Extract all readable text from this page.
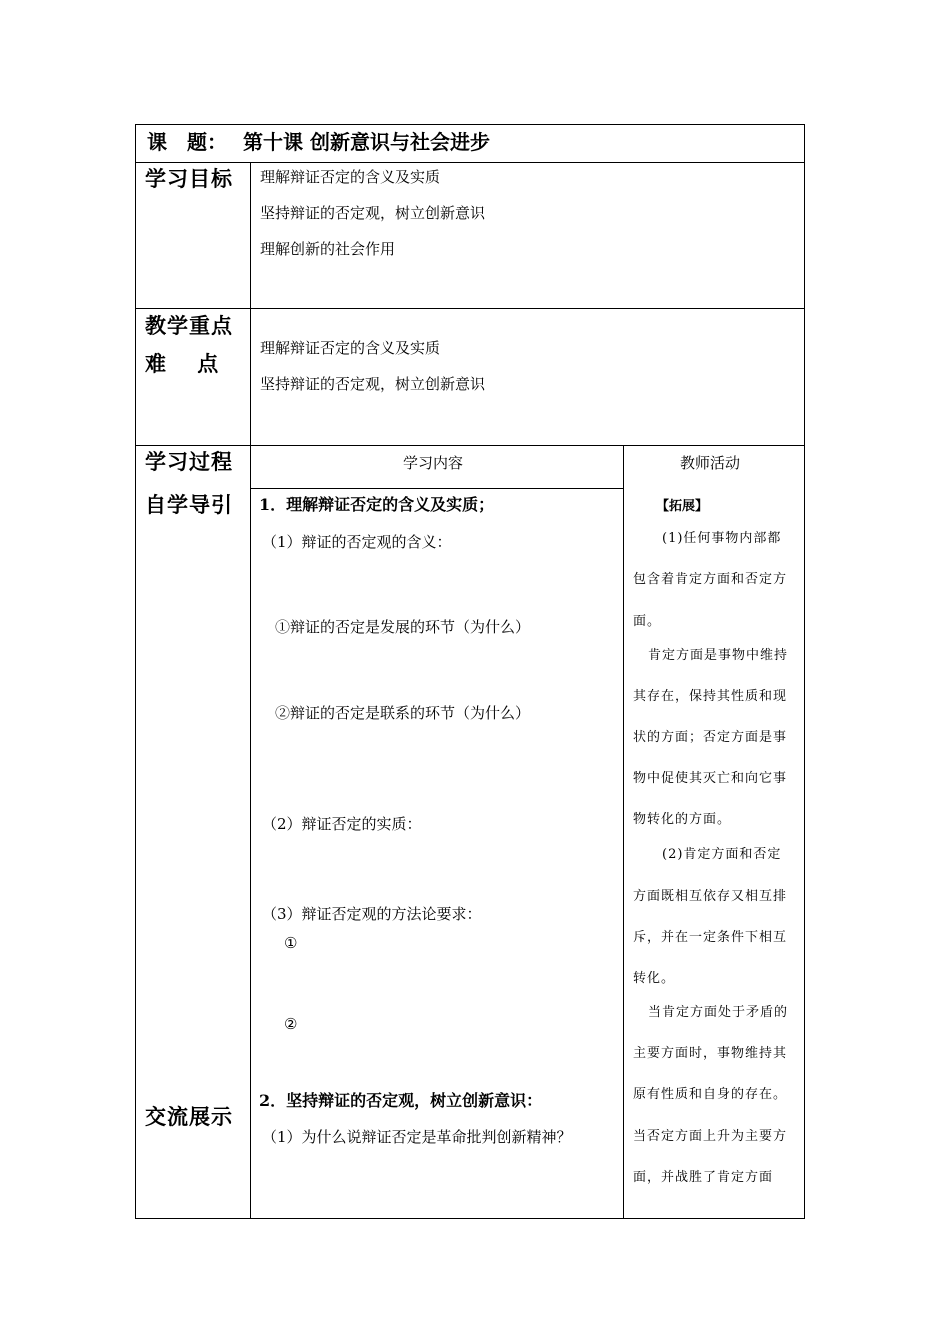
课　题： 第十课 创新意识与社会进步
学习目标 理解辩证否定的含义及实质
坚持辩证的否定观，树立创新意识
理解创新的社会作用
教学重点
难　 点
理解辩证否定的含义及实质
坚持辩证的否定观，树立创新意识
学习过程	学习内容	教师活动
自学导引 1．理解辩证否定的含义及实质；
（1）辩证的否定观的含义：
①辩证的否定是发展的环节（为什么）
②辩证的否定是联系的环节（为什么）
（2）辩证否定的实质：
（3）辩证否定观的方法论要求：
①
②
交流展示
2．坚持辩证的否定观，树立创新意识：
（1）为什么说辩证否定是革命批判创新精神？
【拓展】
(1)任何事物内部都
包含着肯定方面和否定方
面。
肯定方面是事物中维持
其存在，保持其性质和现
状的方面；否定方面是事
物中促使其灭亡和向它事
物转化的方面。
(2)肯定方面和否定
方面既相互依存又相互排
斥，并在一定条件下相互
转化。
当肯定方面处于矛盾的
主要方面时，事物维持其
原有性质和自身的存在。
当否定方面上升为主要方
面，并战胜了肯定方面
